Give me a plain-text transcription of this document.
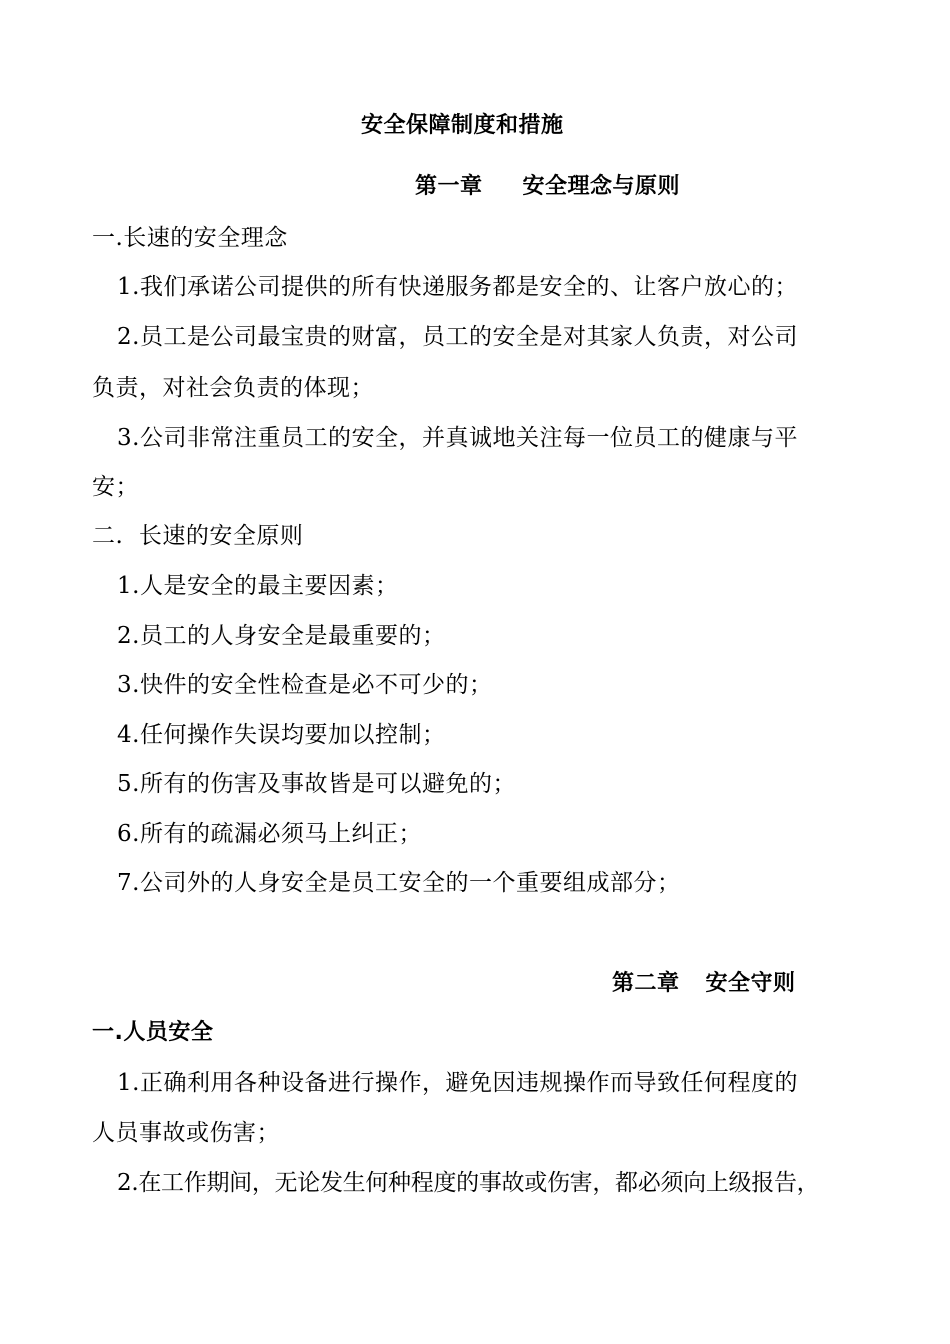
安全保障制度和措施
第一章 安全理念与原则
一.长速的安全理念
1.我们承诺公司提供的所有快递服务都是安全的、让客户放心的；
2.员工是公司最宝贵的财富，员工的安全是对其家人负责，对公司
负责，对社会负责的体现；
3.公司非常注重员工的安全，并真诚地关注每一位员工的健康与平
安；
二.  长速的安全原则
1.人是安全的最主要因素；
2.员工的人身安全是最重要的；
3.快件的安全性检查是必不可少的；
4.任何操作失误均要加以控制；
5.所有的伤害及事故皆是可以避免的；
6.所有的疏漏必须马上纠正；
7.公司外的人身安全是员工安全的一个重要组成部分；
第二章 安全守则
一.人员安全
1.正确利用各种设备进行操作，避免因违规操作而导致任何程度的
人员事故或伤害；
2.在工作期间，无论发生何种程度的事故或伤害，都必须向上级报告，
